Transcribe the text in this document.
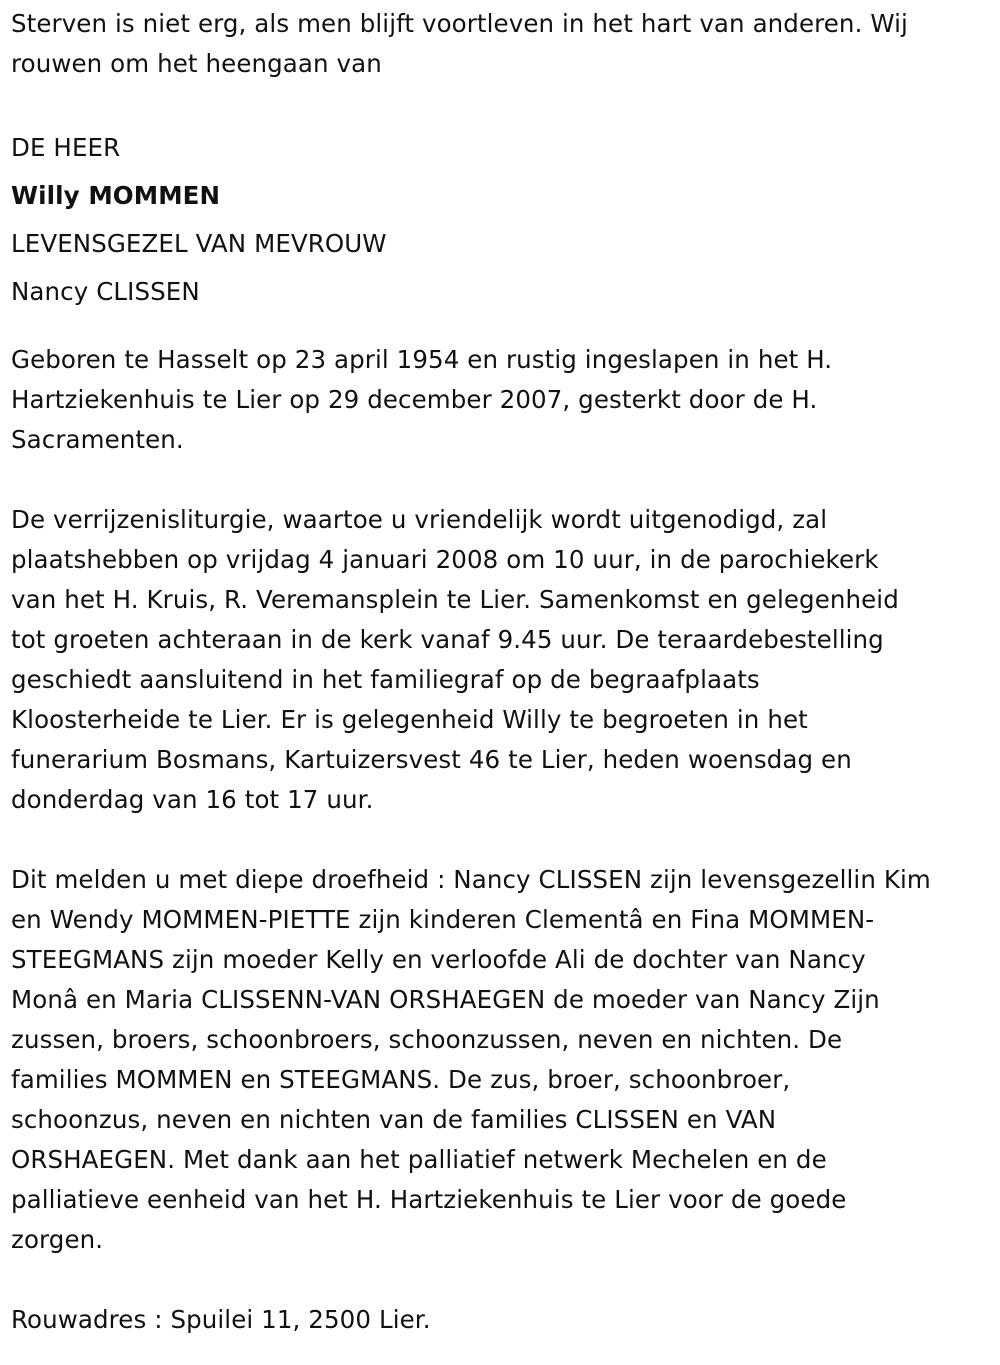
Sterven is niet erg, als men blijft voortleven in het hart van anderen. Wij
rouwen om het heengaan van

DE HEER

Willy MOMMEN

LEVENSGEZEL VAN MEVROUW

Nancy CLISSEN

Geboren te Hasselt op 23 april 1954 en rustig ingeslapen in het H.
Hartziekenhuis te Lier op 29 december 2007, gesterkt door de H.
Sacramenten.

De verrijzenisliturgie, waartoe u vriendelijk wordt uitgenodigd, zal
plaatshebben op vrijdag 4 januari 2008 om 10 uur, in de parochiekerk
van het H. Kruis, R. Veremansplein te Lier. Samenkomst en gelegenheid
tot groeten achteraan in de kerk vanaf 9.45 uur. De teraardebestelling
geschiedt aansluitend in het familiegraf op de begraafplaats
Kloosterheide te Lier. Er is gelegenheid Willy te begroeten in het
funerarium Bosmans, Kartuizersvest 46 te Lier, heden woensdag en
donderdag van 16 tot 17 uur.

Dit melden u met diepe droefheid : Nancy CLISSEN zijn levensgezellin Kim
en Wendy MOMMEN-PIETTE zijn kinderen Clementâ en Fina MOMMEN-
STEEGMANS zijn moeder Kelly en verloofde Ali de dochter van Nancy
Monâ en Maria CLISSENN-VAN ORSHAEGEN de moeder van Nancy Zijn
zussen, broers, schoonbroers, schoonzussen, neven en nichten. De
families MOMMEN en STEEGMANS. De zus, broer, schoonbroer,
schoonzus, neven en nichten van de families CLISSEN en VAN
ORSHAEGEN. Met dank aan het palliatief netwerk Mechelen en de
palliatieve eenheid van het H. Hartziekenhuis te Lier voor de goede
zorgen.

Rouwadres : Spuilei 11, 2500 Lier.
